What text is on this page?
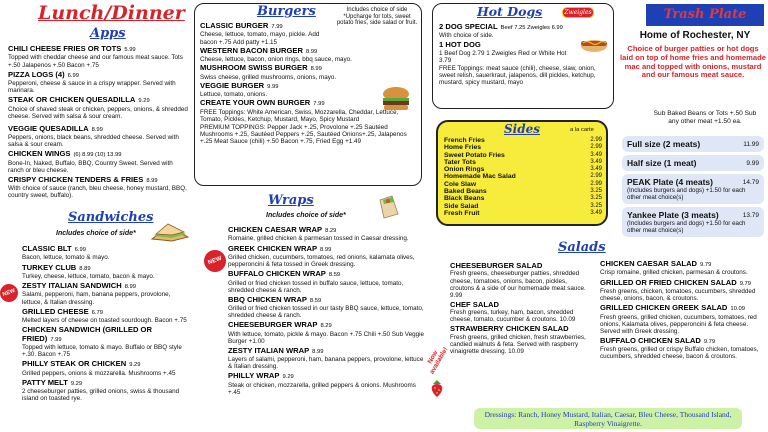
Lunch/Dinner
Apps
CHILI CHEESE FRIES OR TOTS 5.99
Topped with cheddar cheese and our famous meat sauce. Tots +.50 Jalapenos +.50 Bacon +.75
PIZZA LOGS (4) 6.99
Pepperoni, cheese & sauce in a crispy wrapper. Served with marinara.
STEAK OR CHICKEN QUESADILLA 9.29
Choice of shaved steak or chicken, peppers, onions, & shredded cheese. Served with salsa & sour cream.
VEGGIE QUESADILLA 8.99
Peppers, onions, black beans, shredded cheese. Served with salsa & sour cream.
CHICKEN WINGS (6) 8.99 (10) 13.99
Bone-In, Naked, Buffalo, BBQ, Country Sweet. Served with ranch or bleu cheese.
CRISPY CHICKEN TENDERS & FRIES 8.99
With choice of sauce (ranch, bleu cheese, honey mustard, BBQ, country sweet, buffalo).
Sandwiches
Includes choice of side*
NEW
CLASSIC BLT 6.99
Bacon, lettuce, tomato & mayo.
TURKEY CLUB 8.89
Turkey, cheese, lettuce, tomato, bacon & mayo.
ZESTY ITALIAN SANDWICH 8.99
Salami, pepperoni, ham, banana peppers, provolone, lettuce, & Italian dressing.
GRILLED CHEESE 6.79
Melted layers of cheese on toasted sourdough. Bacon +.75
CHICKEN SANDWICH (GRILLED OR FRIED) 7.99
Topped with lettuce, tomato & mayo. Buffalo or BBQ style +.30. Bacon +.75
PHILLY STEAK OR CHICKEN 9.29
Grilled peppers, onions & mozzarella. Mushrooms +.45
PATTY MELT 9.29
2 cheeseburger patties, grilled onions, swiss & thousand island on toasted rye.
Burgers	Includes choice of side *Upcharge for tots, sweet potato fries, side salad or fruit.
CLASSIC BURGER 7.99
Cheese, lettuce, tomato, mayo, pickle. Add bacon +.75 Add patty +1.15
WESTERN BACON BURGER 8.99
Cheese, lettuce, bacon, onion rings, bbq sauce, mayo.
MUSHROOM SWISS BURGER 8.99
Swiss cheese, grilled mushrooms, onions, mayo.
VEGGIE BURGER 9.99
Lettuce, tomato, onions.
CREATE YOUR OWN BURGER 7.99
FREE Toppings: White American, Swiss, Mozzarella, Cheddar, Lettuce, Tomato, Pickles, Ketchup, Mustard, Mayo, Spicy Mustard
PREMIUM TOPPINGS: Pepper Jack +.25, Provolone +.25 Sautéed Mushrooms +.25, Sautéed Peppers +.25, Sautéed Onions+.25, Jalapenos +.25 Meat Sauce (chili) +.50 Bacon +.75, Fried Egg +1.49
Wraps
Includes choice of side*
NEW
CHICKEN CAESAR WRAP 8.29
Romaine, grilled chicken & parmesan tossed in Caesar dressing.
GREEK CHICKEN WRAP 8.99
Grilled chicken, cucumbers, tomatoes, red onions, kalamata olives, pepperoncini & feta tossed in Greek dressing.
BUFFALO CHICKEN WRAP 8.59
Grilled or fried chicken tossed in buffalo sauce, lettuce, tomato, shredded cheese & ranch.
BBQ CHICKEN WRAP 8.59
Grilled or fried chicken tossed in our tasty BBQ sauce, lettuce, tomato, shredded cheese & ranch.
CHEESEBURGER WRAP 8.29
With lettuce, tomato, pickle & mayo. Bacon +.75 Chili +.50 Sub Veggie Burger +1.00
ZESTY ITALIAN WRAP 8.99
Layers of salami, pepperoni, ham, banana peppers, provolone, lettuce & Italian dressing.
PHILLY WRAP 9.29
Steak or chicken, mozzarella, grilled peppers & onions. Mushrooms +.45
Hot Dogs	Zweigles
2 DOG SPECIAL Beef 7.25 Zweigles 6.99
With choice of side.
1 HOT DOG
1 Beef Dog 2.79 1 Zweigles Red or White Hot 3.79
FREE Toppings: meat sauce (chili), cheese, slaw, onion, sweet relish, sauerkraut, jalapenos, dill pickles, ketchup, mustard, spicy mustard, mayo
Sides	a la carte
French Fries	2.99
Home Fries	2.99
Sweet Potato Fries	3.49
Tater Tots	3.49
Onion Rings	3.49
Homemade Mac Salad	2.99
Cole Slaw	2.99
Baked Beans	3.25
Black Beans	3.25
Side Salad	3.25
Fresh Fruit	3.49
Trash Plate
Home of Rochester, NY
Choice of burger patties or hot dogs laid on top of home fries and homemade mac and topped with onions, mustard and our famous meat sauce.
Sub Baked Beans or Tots +.50 Sub any other meat +1.50 ea.
Full size (2 meats)	11.99
Half size (1 meat)	9.99
PEAK Plate (4 meats)	14.79
(Includes burgers and dogs) +1.50 for each other meat choice(s)
Yankee Plate (3 meats)	13.79
(Includes burgers and dogs) +1.50 for each other meat choice(s)
Salads
Now available!
CHEESEBURGER SALAD
Fresh greens, cheeseburger patties, shredded cheese, tomatoes, onions, bacon, pickles, croutons & a side of our homemade meat sauce. 9.99
CHEF SALAD
Fresh greens, turkey, ham, bacon, shredded cheese, tomato, cucumber & croutons. 10.09
STRAWBERRY CHICKEN SALAD
Fresh greens, grilled chicken, fresh strawberries, candied walnuts & feta. Served with raspberry vinaigrette dressing. 10.09
CHICKEN CAESAR SALAD 9.79
Crisp romaine, grilled chicken, parmesan & croutons.
GRILLED OR FRIED CHICKEN SALAD 9.79
Fresh greens, chicken, tomatoes, cucumbers, shredded cheese, onions, bacon, & croutons.
GRILLED CHICKEN GREEK SALAD 10.09
Fresh greens, grilled chicken, cucumbers, tomatoes, red onions, Kalamata olives, pepperoncini & feta cheese. Served with Greek dressing.
BUFFALO CHICKEN SALAD 9.79
Fresh greens, grilled or crispy Buffalo chicken, tomatoes, cucumbers, shredded cheese, bacon & croutons.
Dressings: Ranch, Honey Mustard, Italian, Caesar, Bleu Cheese, Thousand Island, Raspberry Vinaigrette.
